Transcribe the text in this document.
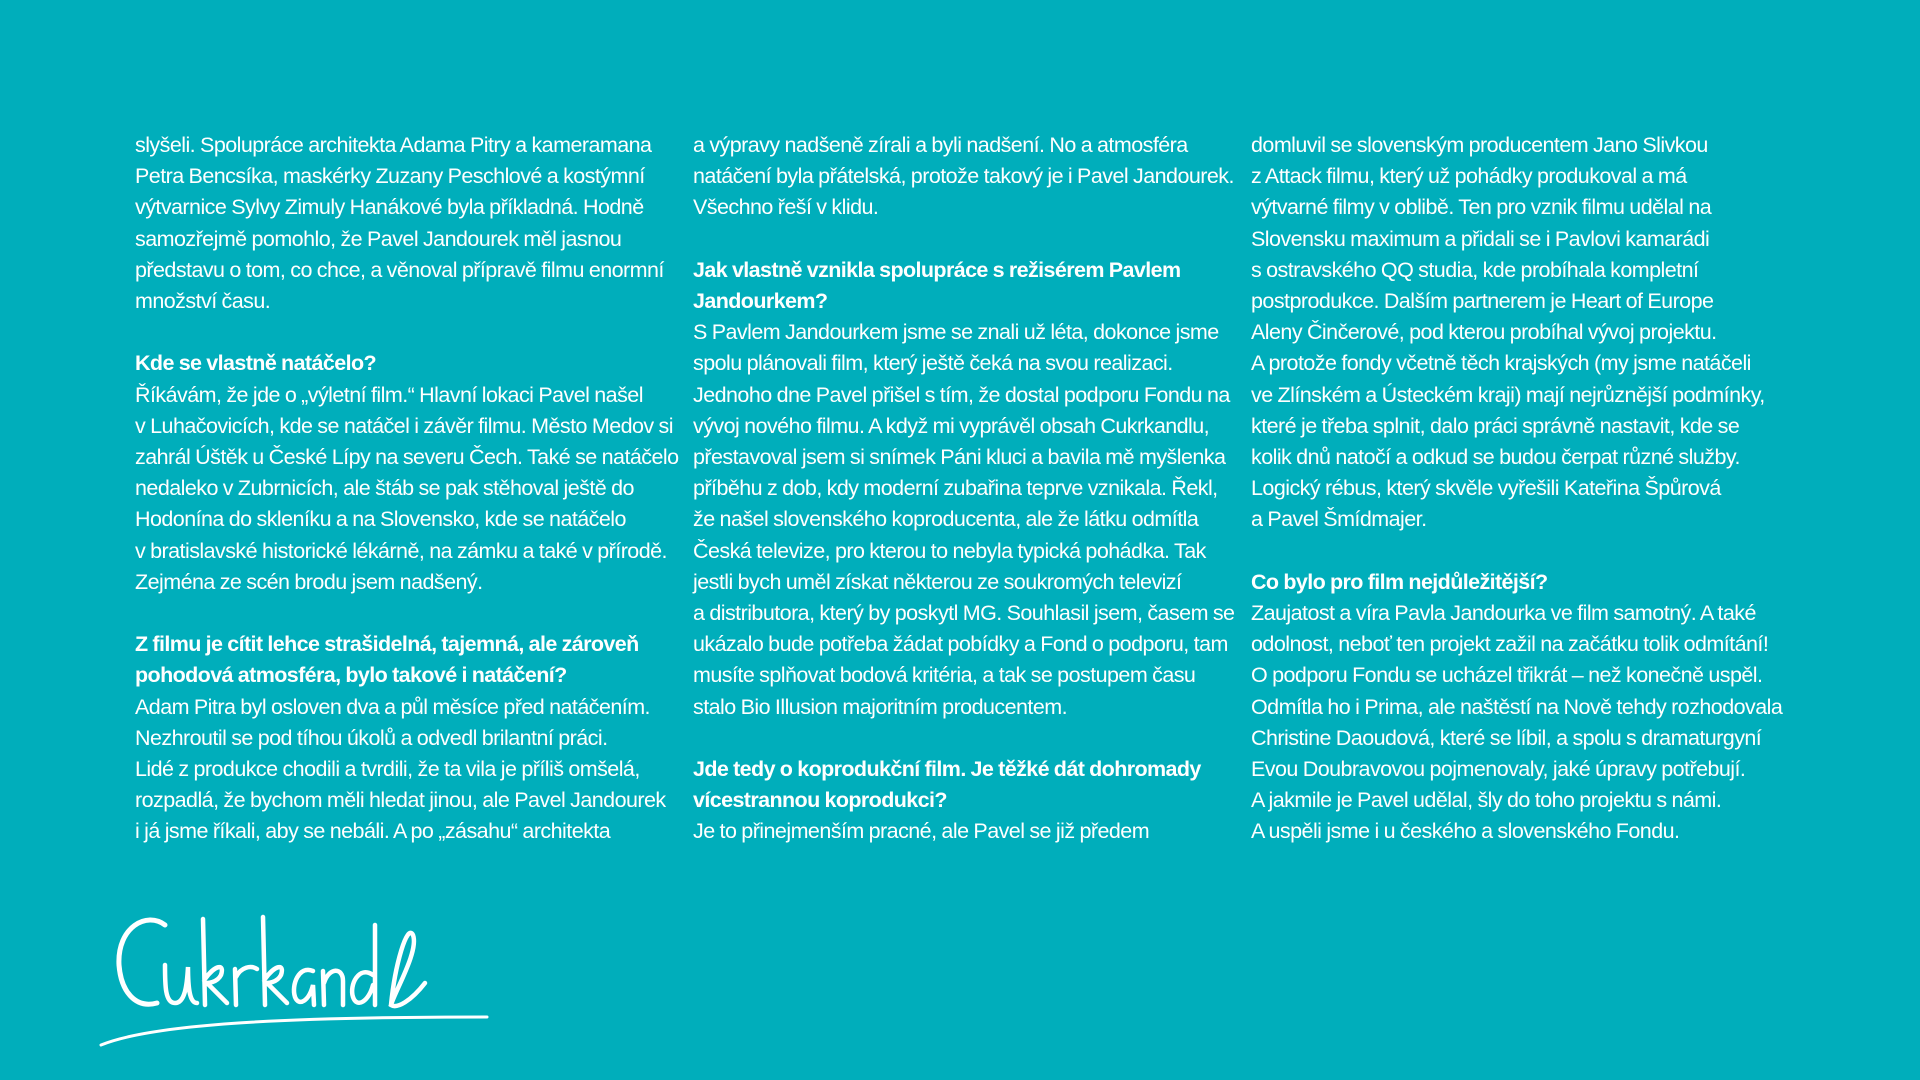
slyšeli. Spolupráce architekta Adama Pitry a kameramana
Petra Bencsíka, maskérky Zuzany Peschlové a kostýmní
výtvarnice Sylvy Zimuly Hanákové byla příkladná. Hodně
samozřejmě pomohlo, že Pavel Jandourek měl jasnou
představu o tom, co chce, a věnoval přípravě filmu enormní
množství času.
Kde se vlastně natáčelo?
Říkávám, že jde o „výletní film.“ Hlavní lokaci Pavel našel
v Luhačovicích, kde se natáčel i závěr filmu. Město Medov si
zahrál Úštěk u České Lípy na severu Čech. Také se natáčelo
nedaleko v Zubrnicích, ale štáb se pak stěhoval ještě do
Hodonína do skleníku a na Slovensko, kde se natáčelo
v bratislavské historické lékárně, na zámku a také v přírodě.
Zejména ze scén brodu jsem nadšený.
Z filmu je cítit lehce strašidelná, tajemná, ale zároveň
pohodová atmosféra, bylo takové i natáčení?
Adam Pitra byl osloven dva a půl měsíce před natáčením.
Nezhroutil se pod tíhou úkolů a odvedl brilantní práci.
Lidé z produkce chodili a tvrdili, že ta vila je příliš omšelá,
rozpadlá, že bychom měli hledat jinou, ale Pavel Jandourek
i já jsme říkali, aby se nebáli. A po „zásahu“ architekta
a výpravy nadšeně zírali a byli nadšení. No a atmosféra
natáčení byla přátelská, protože takový je i Pavel Jandourek.
Všechno řeší v klidu.
Jak vlastně vznikla spolupráce s režisérem Pavlem
Jandourkem?
S Pavlem Jandourkem jsme se znali už léta, dokonce jsme
spolu plánovali film, který ještě čeká na svou realizaci.
Jednoho dne Pavel přišel s tím, že dostal podporu Fondu na
vývoj nového filmu. A když mi vyprávěl obsah Cukrkandlu,
přestavoval jsem si snímek Páni kluci a bavila mě myšlenka
příběhu z dob, kdy moderní zubařina teprve vznikala. Řekl,
že našel slovenského koproducenta, ale že látku odmítla
Česká televize, pro kterou to nebyla typická pohádka. Tak
jestli bych uměl získat některou ze soukromých televizí
a distributora, který by poskytl MG. Souhlasil jsem, časem se
ukázalo bude potřeba žádat pobídky a Fond o podporu, tam
musíte splňovat bodová kritéria, a tak se postupem času
stalo Bio Illusion majoritním producentem.
Jde tedy o koprodukční film. Je těžké dát dohromady
vícestrannou koprodukci?
Je to přinejmenším pracné, ale Pavel se již předem
domluvil se slovenským producentem Jano Slivkou
z Attack filmu, který už pohádky produkoval a má
výtvarné filmy v oblibě. Ten pro vznik filmu udělal na
Slovensku maximum a přidali se i Pavlovi kamarádi
s ostravského QQ studia, kde probíhala kompletní
postprodukce. Dalším partnerem je Heart of Europe
Aleny Činčerové, pod kterou probíhal vývoj projektu.
A protože fondy včetně těch krajských (my jsme natáčeli
ve Zlínském a Ústeckém kraji) mají nejrůznější podmínky,
které je třeba splnit, dalo práci správně nastavit, kde se
kolik dnů natočí a odkud se budou čerpat různé služby.
Logický rébus, který skvěle vyřešili Kateřina Špůrová
a Pavel Šmídmajer.
Co bylo pro film nejdůležitější?
Zaujatost a víra Pavla Jandourka ve film samotný. A také
odolnost, neboť ten projekt zažil na začátku tolik odmítání!
O podporu Fondu se ucházel třikrát – než konečně uspěl.
Odmítla ho i Prima, ale naštěstí na Nově tehdy rozhodovala
Christine Daoudová, které se líbil, a spolu s dramaturgyní
Evou Doubravovou pojmenovaly, jaké úpravy potřebují.
A jakmile je Pavel udělal, šly do toho projektu s námi.
A uspěli jsme i u českého a slovenského Fondu.
